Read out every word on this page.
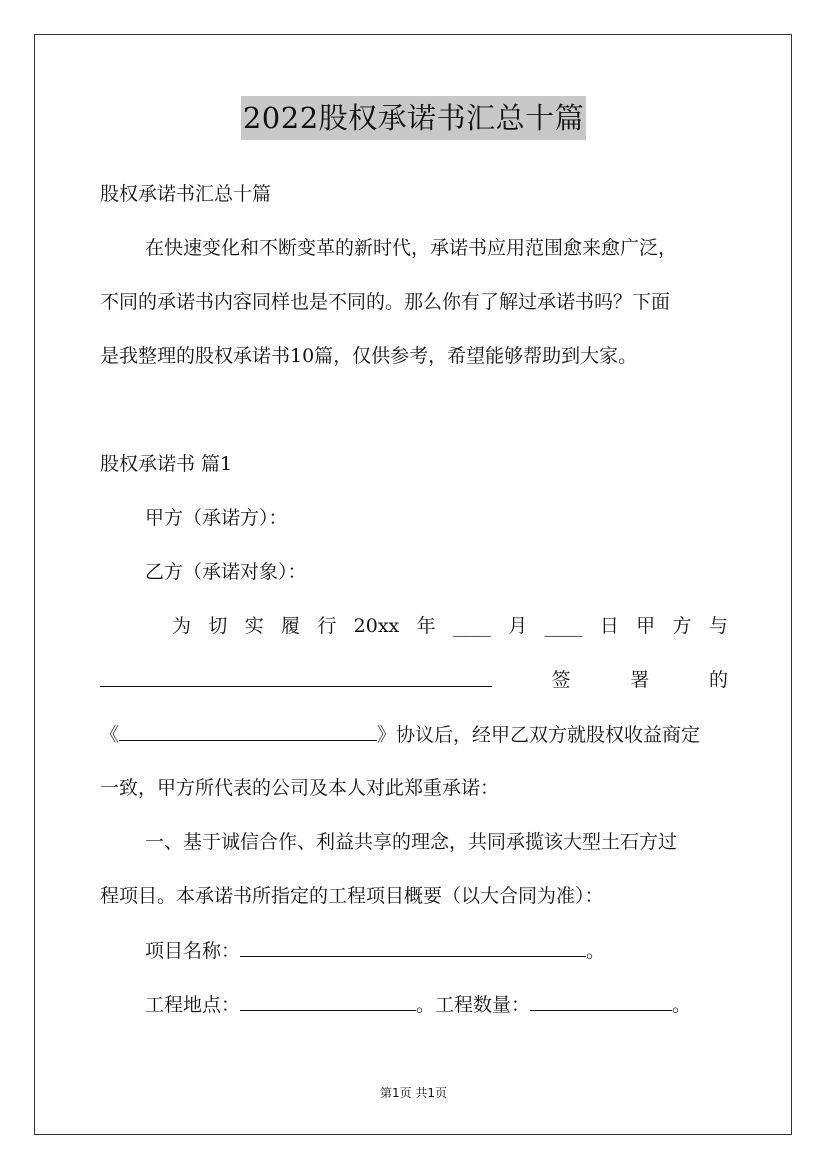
2022股权承诺书汇总十篇
股权承诺书汇总十篇
在快速变化和不断变革的新时代，承诺书应用范围愈来愈广泛，
不同的承诺书内容同样也是不同的。那么你有了解过承诺书吗？下面
是我整理的股权承诺书10篇，仅供参考，希望能够帮助到大家。
股权承诺书 篇1
甲方（承诺方）：
乙方（承诺对象）：
为 切 实 履 行 20xx 年 ____ 月 ____ 日 甲 方 与
签	署	的
《	》协议后，经甲乙双方就股权收益商定
一致，甲方所代表的公司及本人对此郑重承诺：
一、基于诚信合作、利益共享的理念，共同承揽该大型土石方过
程项目。本承诺书所指定的工程项目概要（以大合同为准）：
项目名称：	。
工程地点：	。工程数量：	。
第1页 共1页
